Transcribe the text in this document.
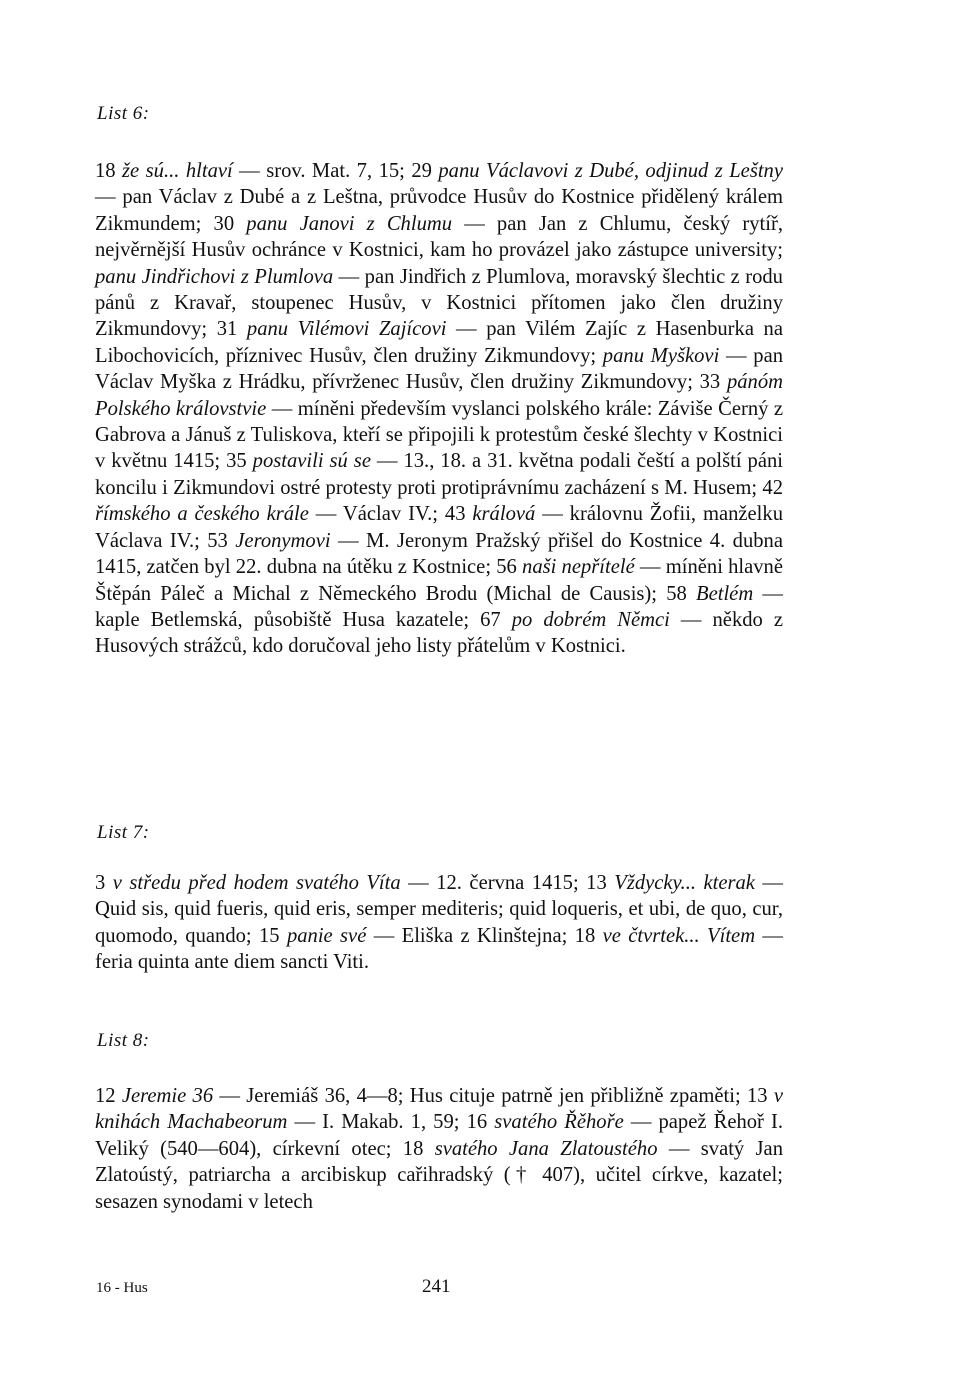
List 6:

18 že sú... hltaví — srov. Mat. 7, 15; 29 panu Václavovi z Dubé, odjinud z Leštny — pan Václav z Dubé a z Leštna, průvodce Husův do Kostnice přidělený králem Zikmundem; 30 panu Janovi z Chlumu — pan Jan z Chlumu, český rytíř, nejvěrnější Husův ochránce v Kostnici, kam ho provázel jako zástupce university; panu Jindřichovi z Plumlova — pan Jindřich z Plumlova, moravský šlechtic z rodu pánů z Kravař, stoupenec Husův, v Kostnici přítomen jako člen družiny Zikmundovy; 31 panu Vilémovi Zajícovi — pan Vilém Zajíc z Hasenburka na Libochovicích, příznivec Husův, člen družiny Zikmundovy; panu Myškovi — pan Václav Myška z Hrádku, přívrženec Husův, člen družiny Zikmundovy; 33 pánóm Polského královstvie — míněni především vyslanci polského krále: Záviše Černý z Gabrova a Jánuš z Tuliskova, kteří se připojili k protestům české šlechty v Kostnici v květnu 1415; 35 postavili sú se — 13., 18. a 31. května podali čeští a polští páni koncilu i Zikmundovi ostré protesty proti protiprávnímu zacházení s M. Husem; 42 římského a českého krále — Václav IV.; 43 králová — královnu Žofii, manželku Václava IV.; 53 Jeronymovi — M. Jeronym Pražský přišel do Kostnice 4. dubna 1415, zatčen byl 22. dubna na útěku z Kostnice; 56 naši nepřítelé — míněni hlavně Štěpán Páleč a Michal z Německého Brodu (Michal de Causis); 58 Betlém — kaple Betlemská, působiště Husa kazatele; 67 po dobrém Němci — někdo z Husových strážců, kdo doručoval jeho listy přátelům v Kostnici.

List 7:

3 v středu před hodem svatého Víta — 12. června 1415; 13 Vždycky... kterak — Quid sis, quid fueris, quid eris, semper mediteris; quid loqueris, et ubi, de quo, cur, quomodo, quando; 15 panie své — Eliška z Klinštejna; 18 ve čtvrtek... Vítem — feria quinta ante diem sancti Viti.

List 8:

12 Jeremie 36 — Jeremiáš 36, 4—8; Hus cituje patrně jen přibližně zpaměti; 13 v knihách Machabeorum — I. Makab. 1, 59; 16 svatého Řěhoře — papež Řehoř I. Veliký (540—604), církevní otec; 18 svatého Jana Zlatoustého — svatý Jan Zlatoústý, patriarcha a arcibiskup cařihradský († 407), učitel církve, kazatel; sesazen synodami v letech

16 - Hus	241
